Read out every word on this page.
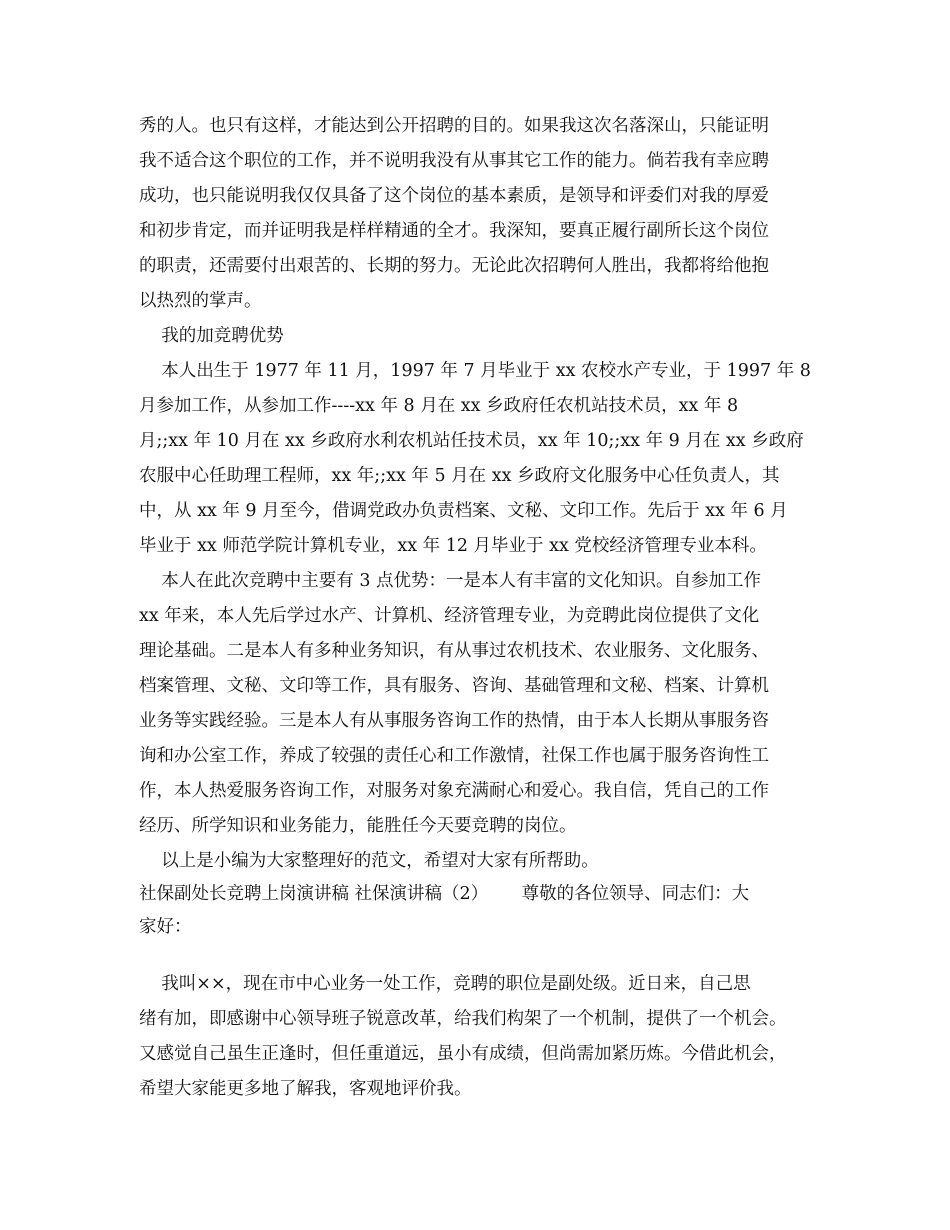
秀的人。也只有这样，才能达到公开招聘的目的。如果我这次名落深山，只能证明
我不适合这个职位的工作，并不说明我没有从事其它工作的能力。倘若我有幸应聘
成功，也只能说明我仅仅具备了这个岗位的基本素质，是领导和评委们对我的厚爱
和初步肯定，而并证明我是样样精通的全才。我深知，要真正履行副所长这个岗位
的职责，还需要付出艰苦的、长期的努力。无论此次招聘何人胜出，我都将给他抱
以热烈的掌声。
我的加竞聘优势
本人出生于 1977 年 11 月，1997 年 7 月毕业于 xx 农校水产专业，于 1997 年 8
月参加工作，从参加工作----xx 年 8 月在 xx 乡政府任农机站技术员，xx 年 8
月;;xx 年 10 月在 xx 乡政府水利农机站任技术员，xx 年 10;;xx 年 9 月在 xx 乡政府
农服中心任助理工程师，xx 年;;xx 年 5 月在 xx 乡政府文化服务中心任负责人，其
中，从 xx 年 9 月至今，借调党政办负责档案、文秘、文印工作。先后于 xx 年 6 月
毕业于 xx 师范学院计算机专业，xx 年 12 月毕业于 xx 党校经济管理专业本科。
本人在此次竞聘中主要有 3 点优势：一是本人有丰富的文化知识。自参加工作
xx 年来，本人先后学过水产、计算机、经济管理专业，为竞聘此岗位提供了文化
理论基础。二是本人有多种业务知识，有从事过农机技术、农业服务、文化服务、
档案管理、文秘、文印等工作，具有服务、咨询、基础管理和文秘、档案、计算机
业务等实践经验。三是本人有从事服务咨询工作的热情，由于本人长期从事服务咨
询和办公室工作，养成了较强的责任心和工作激情，社保工作也属于服务咨询性工
作，本人热爱服务咨询工作，对服务对象充满耐心和爱心。我自信，凭自己的工作
经历、所学知识和业务能力，能胜任今天要竞聘的岗位。
以上是小编为大家整理好的范文，希望对大家有所帮助。
社保副处长竞聘上岗演讲稿 社保演讲稿（2）      尊敬的各位领导、同志们：大
家好：
我叫××，现在市中心业务一处工作，竞聘的职位是副处级。近日来，自己思
绪有加，即感谢中心领导班子锐意改革，给我们构架了一个机制，提供了一个机会。
又感觉自己虽生正逢时，但任重道远，虽小有成绩，但尚需加紧历炼。今借此机会，
希望大家能更多地了解我，客观地评价我。
